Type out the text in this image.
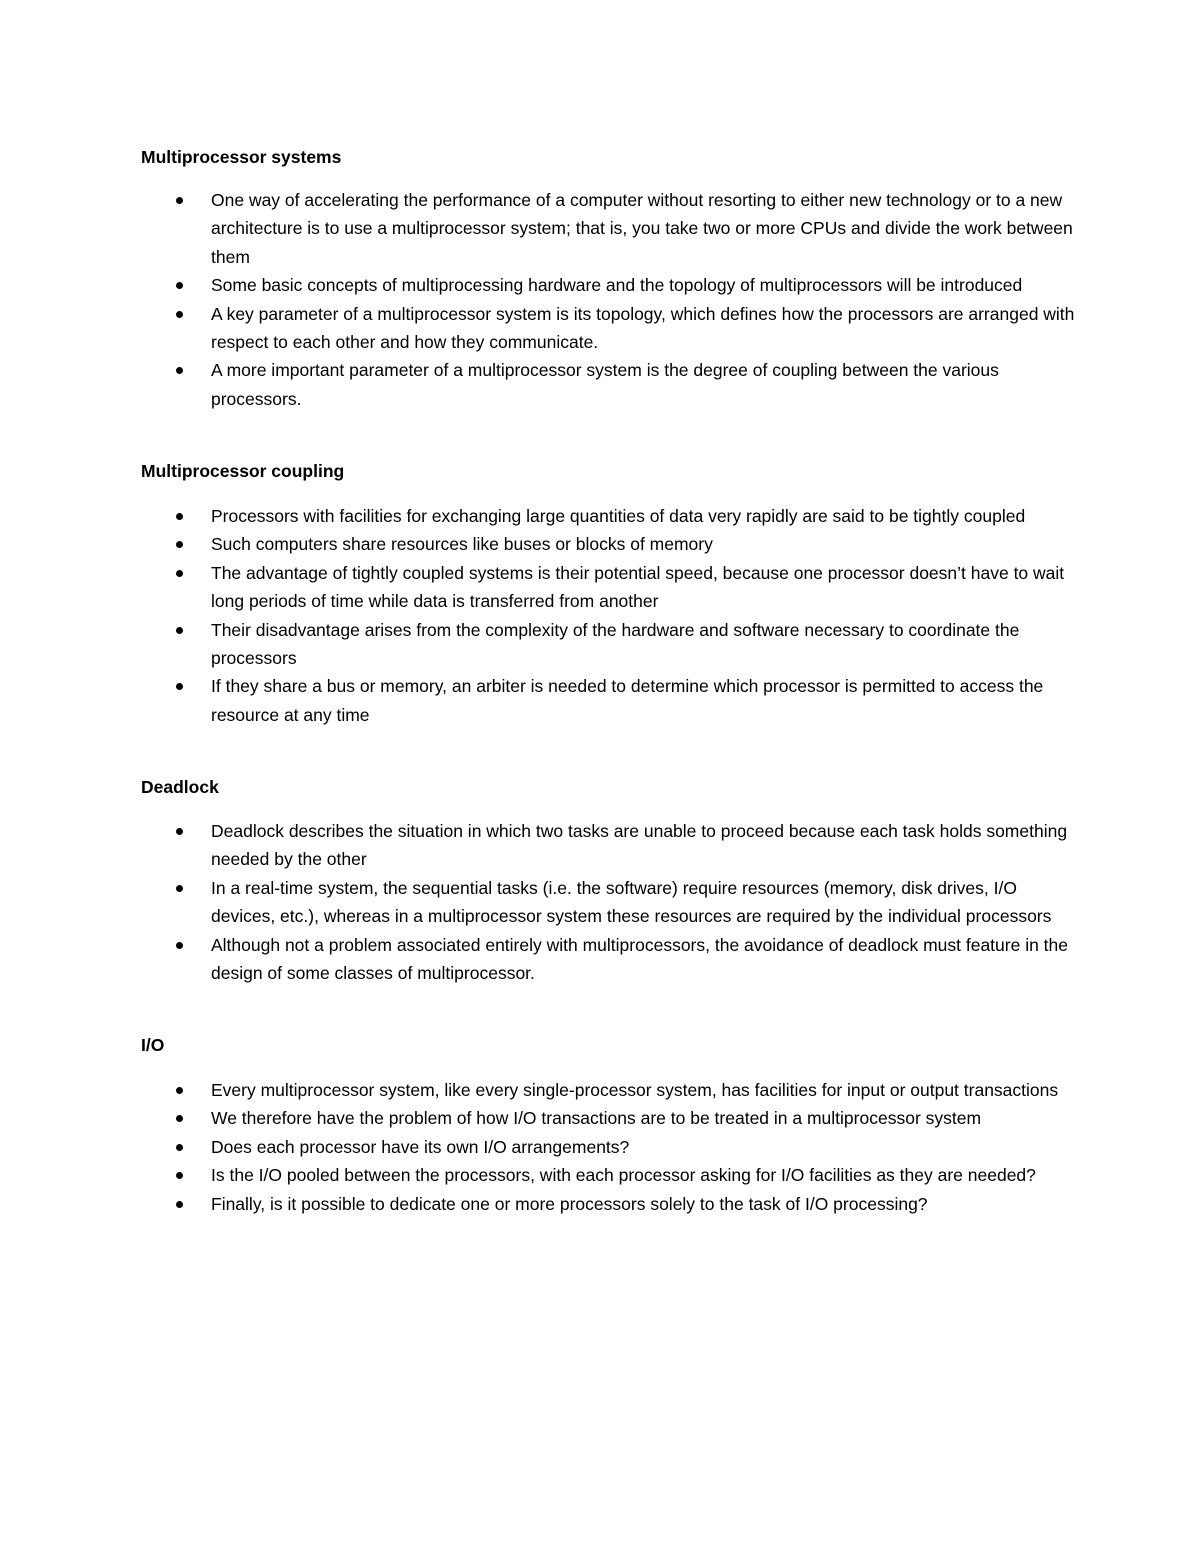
Multiprocessor systems
One way of accelerating the performance of a computer without resorting to either new technology or to a new architecture is to use a multiprocessor system; that is, you take two or more CPUs and divide the work between them
Some basic concepts of multiprocessing hardware and the topology of multiprocessors will be introduced
A key parameter of a multiprocessor system is its topology, which defines how the processors are arranged with respect to each other and how they communicate.
A more important parameter of a multiprocessor system is the degree of coupling between the various processors.
Multiprocessor coupling
Processors with facilities for exchanging large quantities of data very rapidly are said to be tightly coupled
Such computers share resources like buses or blocks of memory
The advantage of tightly coupled systems is their potential speed, because one processor doesn’t have to wait long periods of time while data is transferred from another
Their disadvantage arises from the complexity of the hardware and software necessary to coordinate the processors
If they share a bus or memory, an arbiter is needed to determine which processor is permitted to access the resource at any time
Deadlock
Deadlock describes the situation in which two tasks are unable to proceed because each task holds something needed by the other
In a real-time system, the sequential tasks (i.e. the software) require resources (memory, disk drives, I/O devices, etc.), whereas in a multiprocessor system these resources are required by the individual processors
Although not a problem associated entirely with multiprocessors, the avoidance of deadlock must feature in the design of some classes of multiprocessor.
I/O
Every multiprocessor system, like every single-processor system, has facilities for input or output transactions
We therefore have the problem of how I/O transactions are to be treated in a multiprocessor system
Does each processor have its own I/O arrangements?
Is the I/O pooled between the processors, with each processor asking for I/O facilities as they are needed?
Finally, is it possible to dedicate one or more processors solely to the task of I/O processing?
